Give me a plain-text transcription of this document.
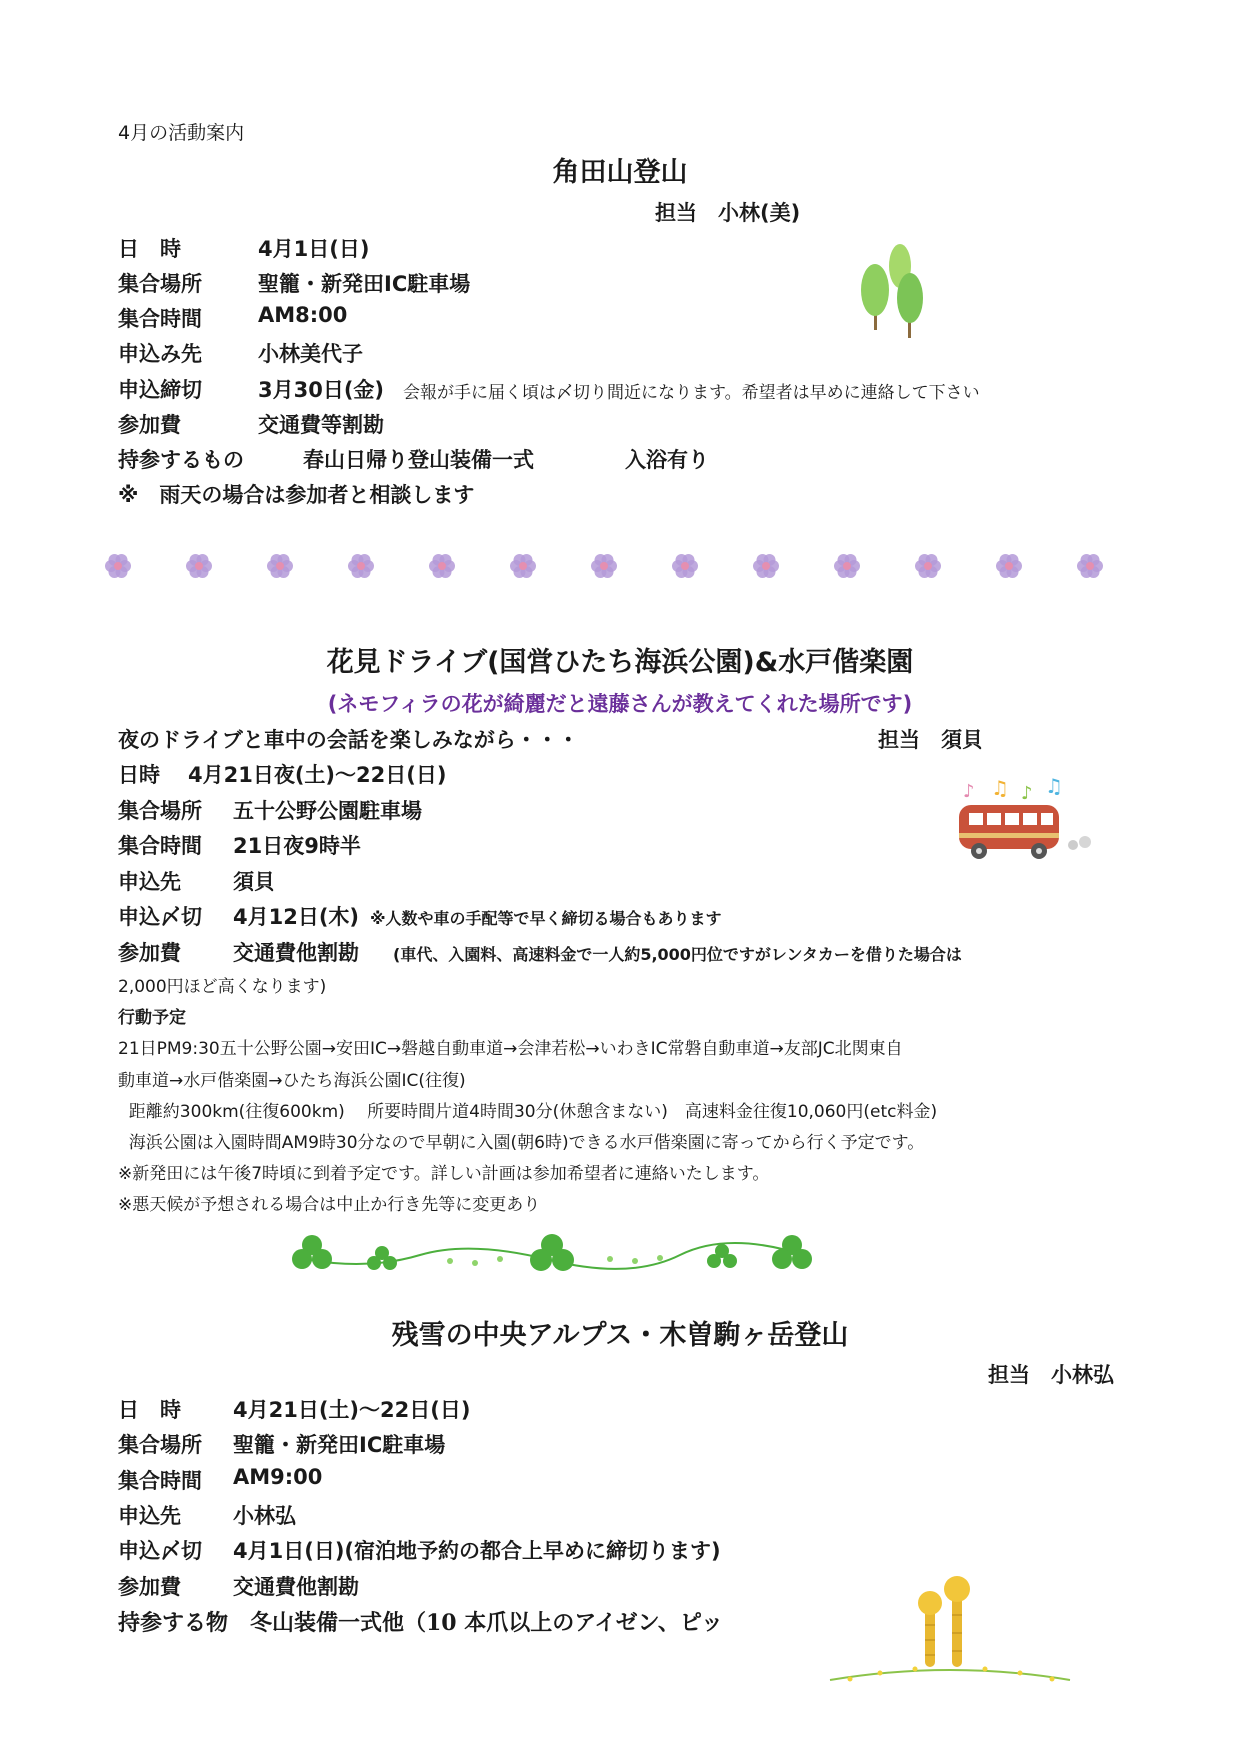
4月の活動案内
角田山登山
担当　小林(美)
日　時	4月1日(日)
集合場所	聖籠・新発田IC駐車場
集合時間	AM8:00
申込み先	小林美代子
申込締切	3月30日(金) 会報が手に届く頃は〆切り間近になります。希望者は早めに連絡して下さい
参加費	交通費等割勘
持参するもの	春山日帰り登山装備一式	入浴有り
※　雨天の場合は参加者と相談します
花見ドライブ(国営ひたち海浜公園)&水戸偕楽園
(ネモフィラの花が綺麗だと遠藤さんが教えてくれた場所です)
夜のドライブと車中の会話を楽しみながら・・・	担当　須貝
日時 4月21日夜(土)～22日(日)
集合場所 五十公野公園駐車場
集合時間 21日夜9時半
申込先 須貝
申込〆切 4月12日(木) ※人数や車の手配等で早く締切る場合もあります
参加費 交通費他割勘 (車代、入園料、高速料金で一人約5,000円位ですがレンタカーを借りた場合は
2,000円ほど高くなります)
行動予定
21日PM9:30五十公野公園→安田IC→磐越自動車道→会津若松→いわきIC常磐自動車道→友部JC北関東自
動車道→水戸偕楽園→ひたち海浜公園IC(往復)
距離約300km(往復600km)　 所要時間片道4時間30分(休憩含まない)　高速料金往復10,060円(etc料金)
海浜公園は入園時間AM9時30分なので早朝に入園(朝6時)できる水戸偕楽園に寄ってから行く予定です。
※新発田には午後7時頃に到着予定です。詳しい計画は参加希望者に連絡いたします。
※悪天候が予想される場合は中止か行き先等に変更あり
♪ ♫ ♪ ♫
残雪の中央アルプス・木曽駒ヶ岳登山
担当　小林弘
日　時 4月21日(土)～22日(日)
集合場所 聖籠・新発田IC駐車場
集合時間 AM9:00
申込先 小林弘
申込〆切 4月1日(日)(宿泊地予約の都合上早めに締切ります)
参加費 交通費他割勘
持参する物　冬山装備一式他（10 本爪以上のアイゼン、ピッ
